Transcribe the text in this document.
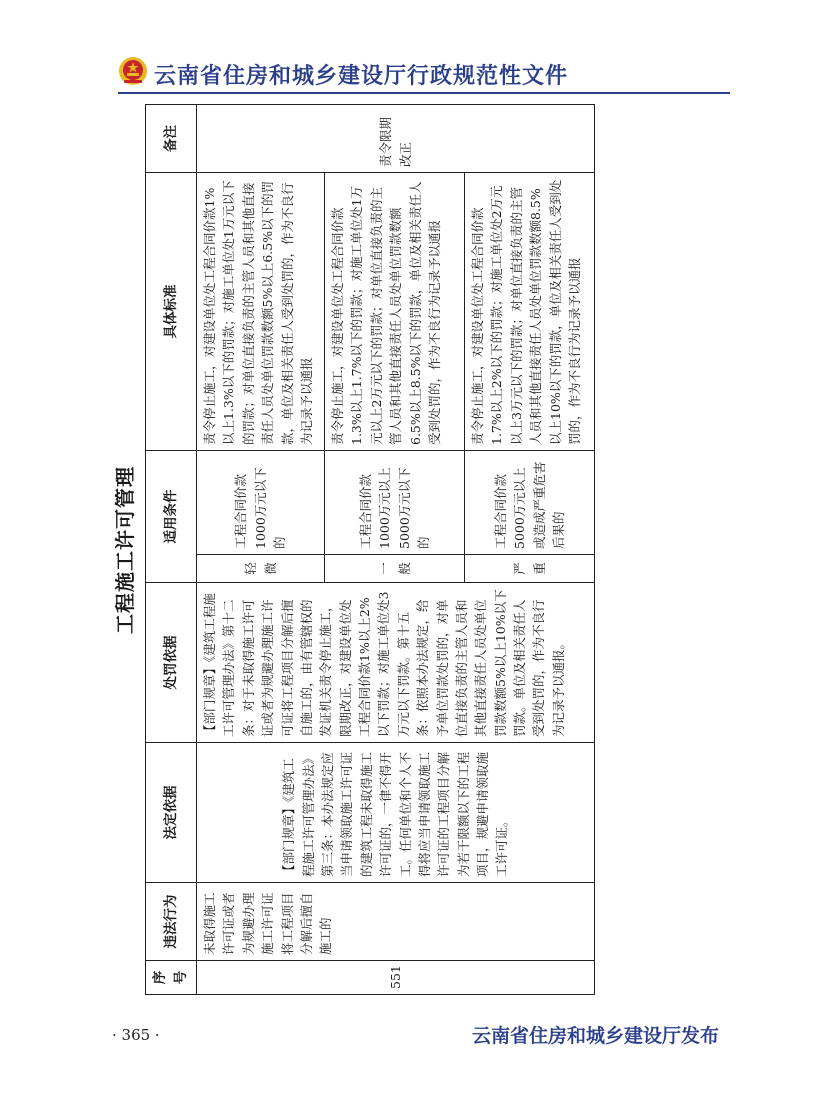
云南省住房和城乡建设厅行政规范性文件
工程施工许可管理
序号	违法行为	法定依据	处罚依据	适用条件		具体标准	备注
551	未取得施工许可证或者为规避办理施工许可证将工程项目分解后擅自施工的	【部门规章】《建筑工程施工许可管理办法》第三条：本办法规定应当申请领取施工许可证的建筑工程未取得施工许可证的，一律不得开工。任何单位和个人不得将应当申请领取施工许可证的工程项目分解为若干限额以下的工程项目，规避申请领取施工许可证。	【部门规章】《建筑工程施工许可管理办法》第十二条：对于未取得施工许可证或者为规避办理施工许可证将工程项目分解后擅自施工的，由有管辖权的发证机关责令停止施工，限期改正，对建设单位处工程合同价款1%以上2%以下罚款；对施工单位处3万元以下罚款。第十五条：依照本办法规定，给予单位罚款处罚的，对单位直接负责的主管人员和其他直接责任人员处单位罚款数额5%以上10%以下罚款。单位及相关责任人受到处罚的，作为不良行为记录予以通报。	轻微	工程合同价款1000万元以下的	责令停止施工，对建设单位处工程合同价款1%以上1.3%以下的罚款；对施工单位处1万元以下的罚款；对单位直接负责的主管人员和其他直接责任人员处单位罚款数额5%以上6.5%以下的罚款，单位及相关责任人受到处罚的，作为不良行为记录予以通报	责令限期改正
				一般	工程合同价款1000万元以上5000万元以下的	责令停止施工，对建设单位处工程合同价款1.3%以上1.7%以下的罚款；对施工单位处1万元以上2万元以下的罚款；对单位直接负责的主管人员和其他直接责任人员处单位罚款数额6.5%以上8.5%以下的罚款，单位及相关责任人受到处罚的，作为不良行为记录予以通报	
				严重	工程合同价款5000万元以上或造成严重危害后果的	责令停止施工，对建设单位处工程合同价款1.7%以上2%以下的罚款；对施工单位处2万元以上3万元以下的罚款；对单位直接负责的主管人员和其他直接责任人员处单位罚款数额8.5%以上10%以下的罚款，单位及相关责任人受到处罚的，作为不良行为记录予以通报	
· 365 ·	云南省住房和城乡建设厅发布
